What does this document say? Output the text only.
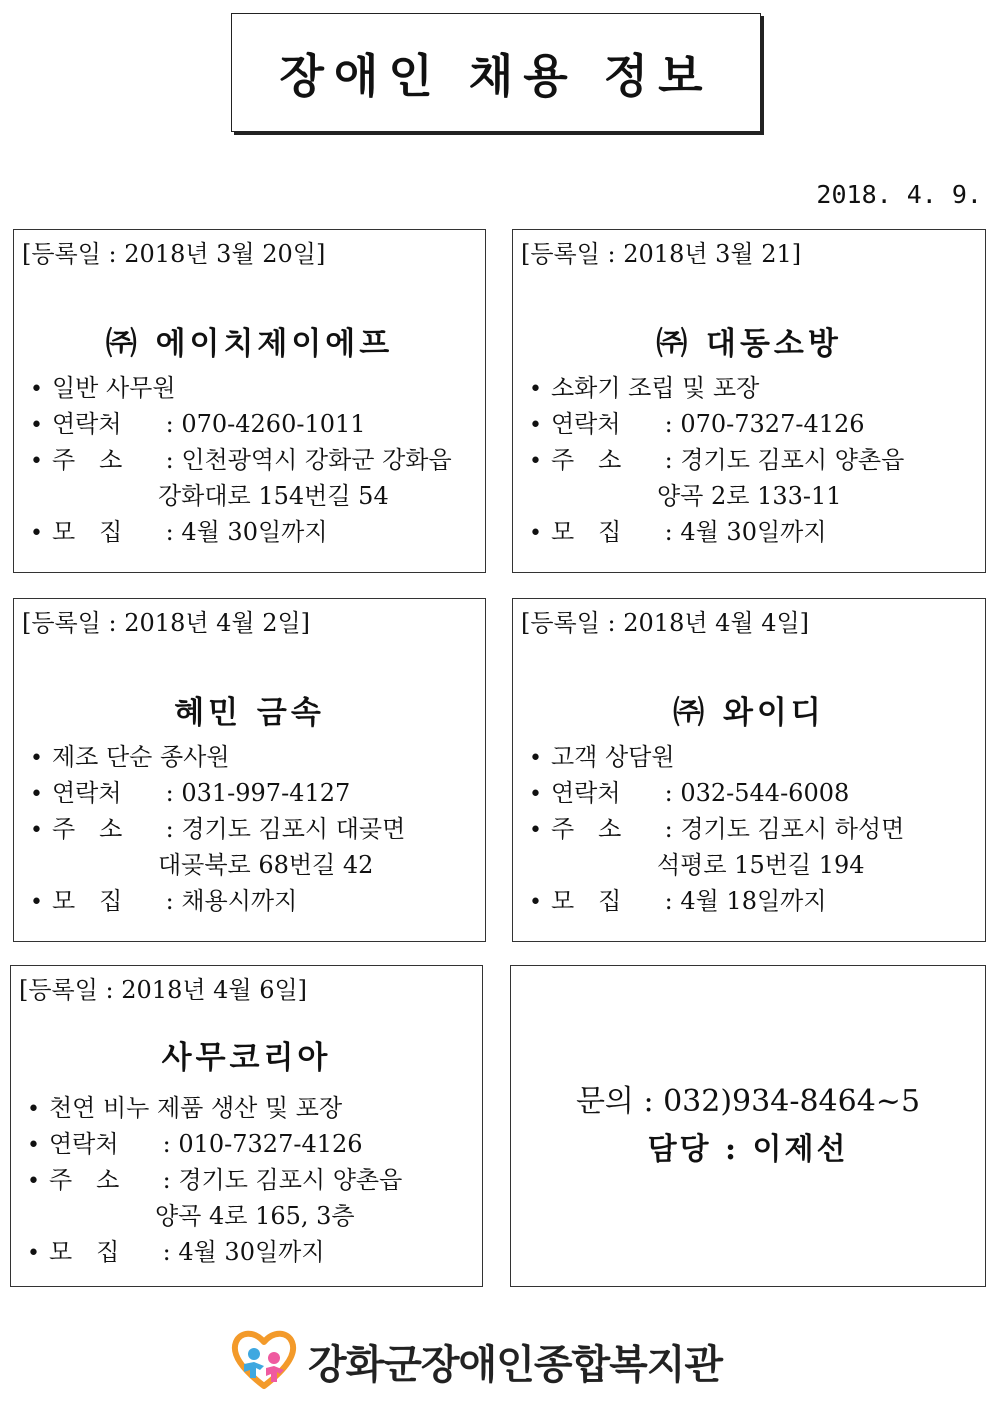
장애인 채용 정보
2018. 4. 9.
[등록일 : 2018년 3월 20일]
㈜ 에이치제이에프
• 일반 사무원
• 연락처 : 070-4260-1011
• 주　소 : 인천광역시 강화군 강화읍
강화대로 154번길 54
• 모　집 : 4월 30일까지
[등록일 : 2018년 3월 21]
㈜ 대동소방
• 소화기 조립 및 포장
• 연락처 : 070-7327-4126
• 주　소 : 경기도 김포시 양촌읍
양곡 2로 133-11
• 모　집 : 4월 30일까지
[등록일 : 2018년 4월 2일]
혜민 금속
• 제조 단순 종사원
• 연락처 : 031-997-4127
• 주　소 : 경기도 김포시 대곶면
대곶북로 68번길 42
• 모　집 : 채용시까지
[등록일 : 2018년 4월 4일]
㈜ 와이디
• 고객 상담원
• 연락처 : 032-544-6008
• 주　소 : 경기도 김포시 하성면
석평로 15번길 194
• 모　집 : 4월 18일까지
[등록일 : 2018년 4월 6일]
사무코리아
• 천연 비누 제품 생산 및 포장
• 연락처 : 010-7327-4126
• 주　소 : 경기도 김포시 양촌읍
양곡 4로 165, 3층
• 모　집 : 4월 30일까지
문의 : 032)934-8464~5
담당 : 이제선
강화군장애인종합복지관
